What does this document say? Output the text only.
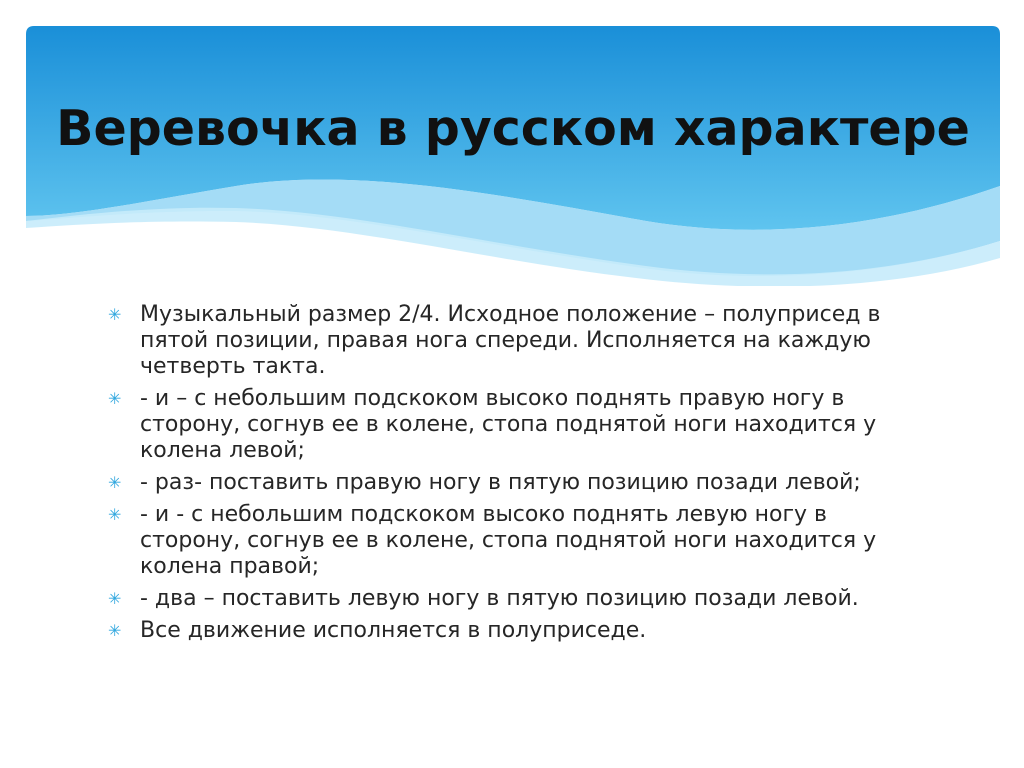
Веревочка в русском характере
✳ Музыкальный размер 2/4. Исходное положение – полуприсед в пятой позиции, правая нога спереди. Исполняется на каждую четверть такта.
✳ - и – с небольшим подскоком высоко поднять правую ногу в сторону, согнув ее в колене, стопа поднятой ноги находится у колена левой;
✳ - раз- поставить правую ногу в пятую позицию позади левой;
✳ - и - с небольшим подскоком высоко поднять левую ногу в сторону, согнув ее в колене, стопа поднятой ноги находится у колена правой;
✳ - два – поставить левую ногу в пятую позицию позади левой.
✳ Все движение исполняется в полуприседе.
